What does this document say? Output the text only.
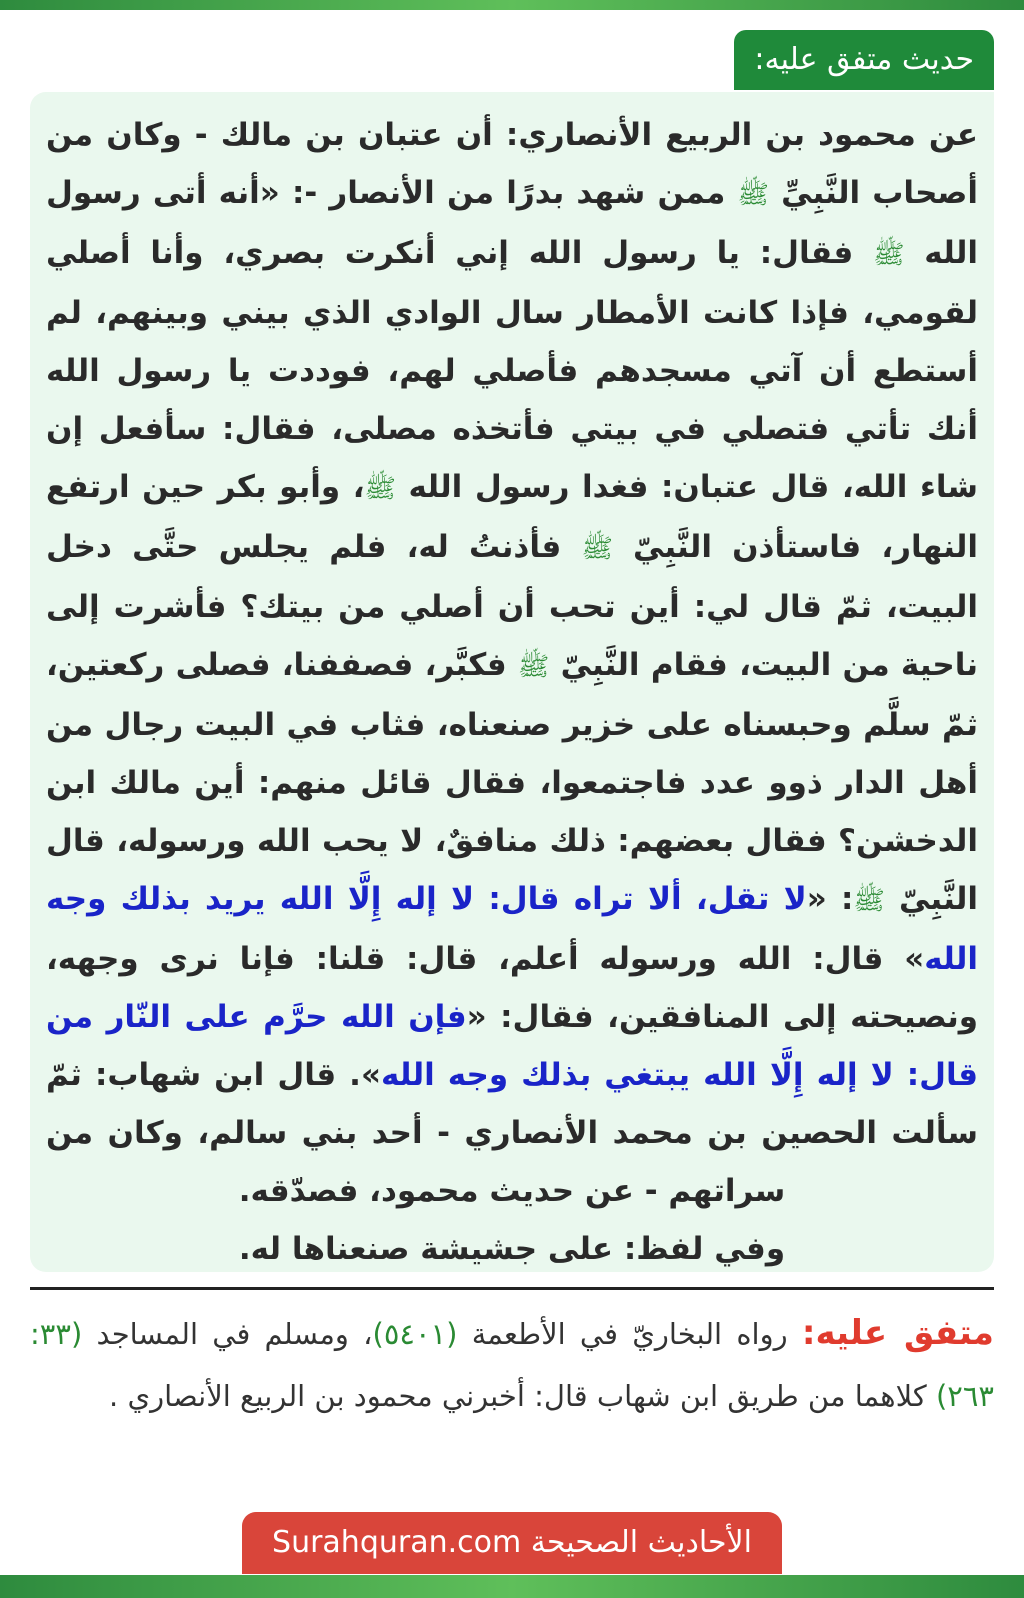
حديث متفق عليه:

عن محمود بن الربيع الأنصاري: أن عتبان بن مالك - وكان من أصحاب النَّبِيِّ ﷺ ممن شهد بدرًا من الأنصار -: «أنه أتى رسول الله ﷺ فقال: يا رسول الله إني أنكرت بصري، وأنا أصلي لقومي، فإذا كانت الأمطار سال الوادي الذي بيني وبينهم، لم أستطع أن آتي مسجدهم فأصلي لهم، فوددت يا رسول الله أنك تأتي فتصلي في بيتي فأتخذه مصلى، فقال: سأفعل إن شاء الله، قال عتبان: فغدا رسول الله ﷺ، وأبو بكر حين ارتفع النهار، فاستأذن النَّبِيّ ﷺ فأذنتُ له، فلم يجلس حتَّى دخل البيت، ثمّ قال لي: أين تحب أن أصلي من بيتك؟ فأشرت إلى ناحية من البيت، فقام النَّبِيّ ﷺ فكبَّر، فصففنا، فصلى ركعتين، ثمّ سلَّم وحبسناه على خزير صنعناه، فثاب في البيت رجال من أهل الدار ذوو عدد فاجتمعوا، فقال قائل منهم: أين مالك ابن الدخشن؟ فقال بعضهم: ذلك منافقٌ، لا يحب الله ورسوله، قال النَّبِيّ ﷺ: «لا تقل، ألا تراه قال: لا إله إِلَّا الله يريد بذلك وجه الله» قال: الله ورسوله أعلم، قال: قلنا: فإنا نرى وجهه، ونصيحته إلى المنافقين، فقال: «فإن الله حرَّم على النّار من قال: لا إله إِلَّا الله يبتغي بذلك وجه الله». قال ابن شهاب: ثمّ سألت الحصين بن محمد الأنصاري - أحد بني سالم، وكان من سراتهم - عن حديث محمود، فصدّقه.

وفي لفظ: على جشيشة صنعناها له.

متفق عليه: رواه البخاريّ في الأطعمة (٥٤٠١)، ومسلم في المساجد (٣٣: ٢٦٣) كلاهما من طريق ابن شهاب قال: أخبرني محمود بن الربيع الأنصاري .

الأحاديث الصحيحة Surahquran.com
